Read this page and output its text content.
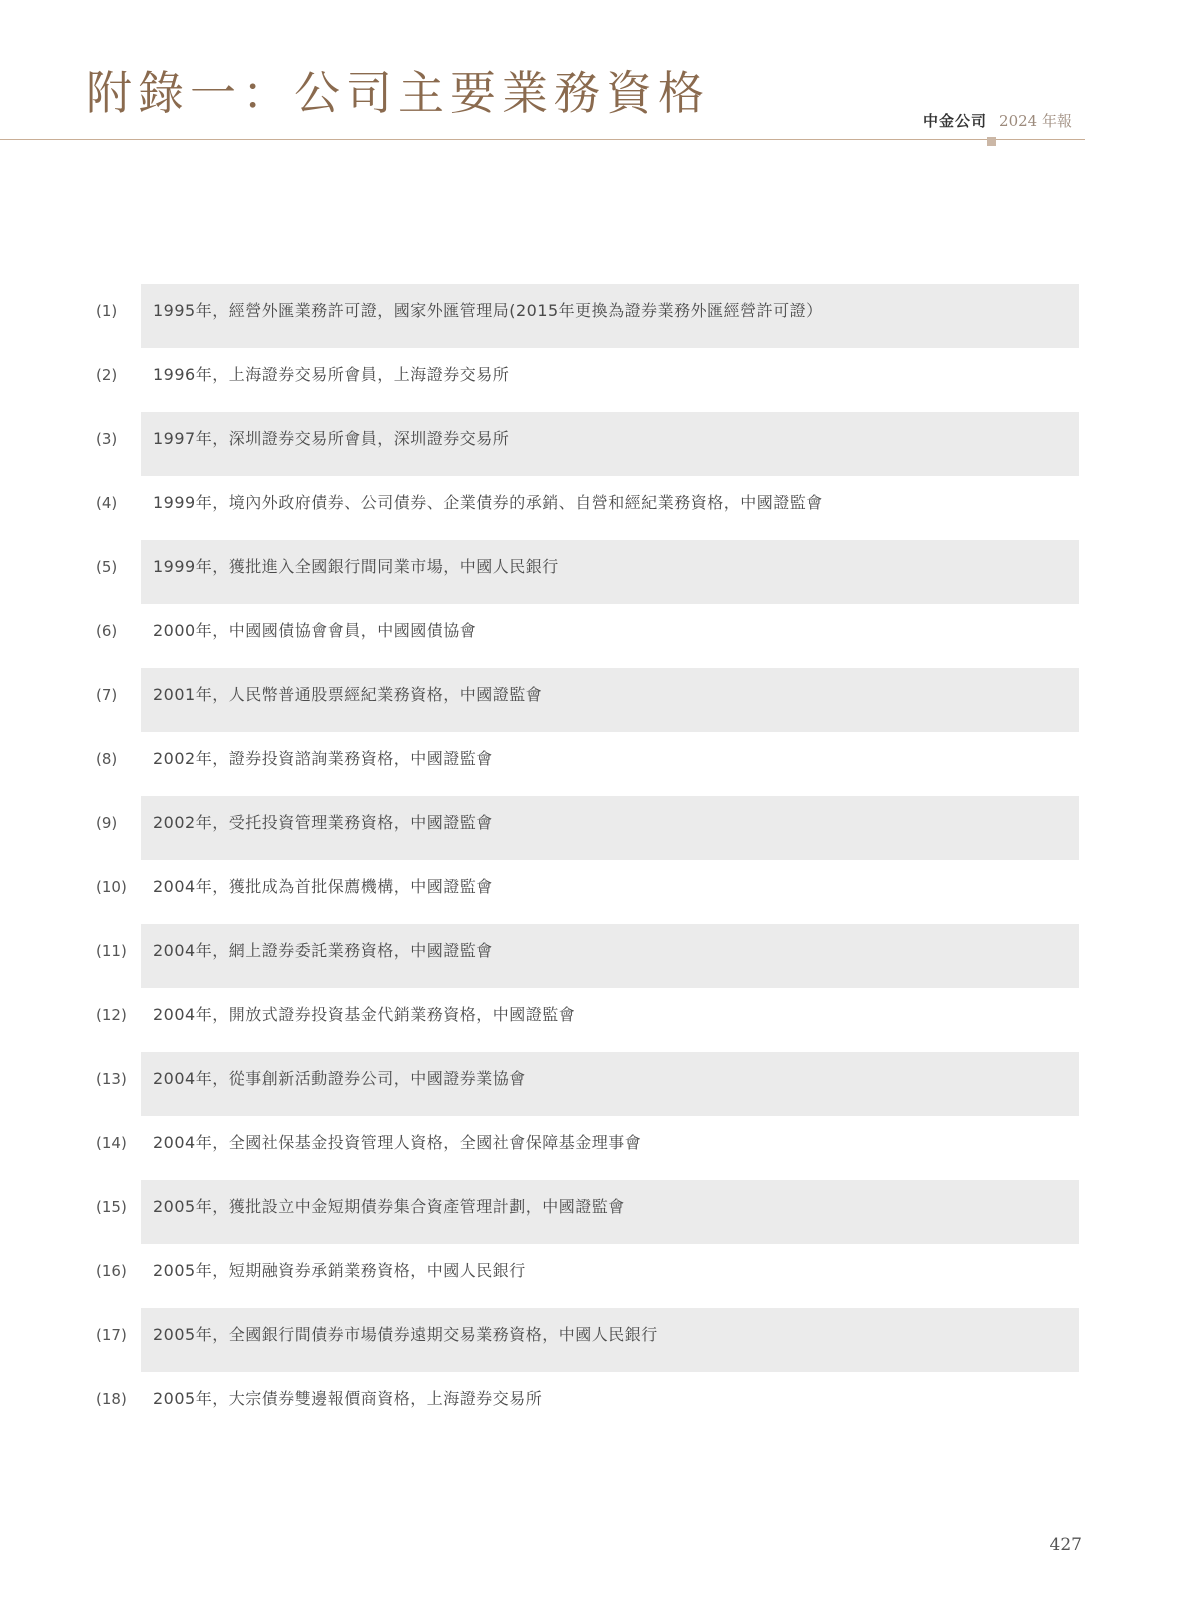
附錄一：公司主要業務資格
中金公司 2024 年報
(1) 1995年，經營外匯業務許可證，國家外匯管理局(2015年更換為證券業務外匯經營許可證）
(2) 1996年，上海證券交易所會員，上海證券交易所
(3) 1997年，深圳證券交易所會員，深圳證券交易所
(4) 1999年，境內外政府債券、公司債券、企業債券的承銷、自營和經紀業務資格，中國證監會
(5) 1999年，獲批進入全國銀行間同業市場，中國人民銀行
(6) 2000年，中國國債協會會員，中國國債協會
(7) 2001年，人民幣普通股票經紀業務資格，中國證監會
(8) 2002年，證券投資諮詢業務資格，中國證監會
(9) 2002年，受托投資管理業務資格，中國證監會
(10) 2004年，獲批成為首批保薦機構，中國證監會
(11) 2004年，網上證券委託業務資格，中國證監會
(12) 2004年，開放式證券投資基金代銷業務資格，中國證監會
(13) 2004年，從事創新活動證券公司，中國證券業協會
(14) 2004年，全國社保基金投資管理人資格，全國社會保障基金理事會
(15) 2005年，獲批設立中金短期債券集合資產管理計劃，中國證監會
(16) 2005年，短期融資券承銷業務資格，中國人民銀行
(17) 2005年，全國銀行間債券市場債券遠期交易業務資格，中國人民銀行
(18) 2005年，大宗債券雙邊報價商資格，上海證券交易所
427
